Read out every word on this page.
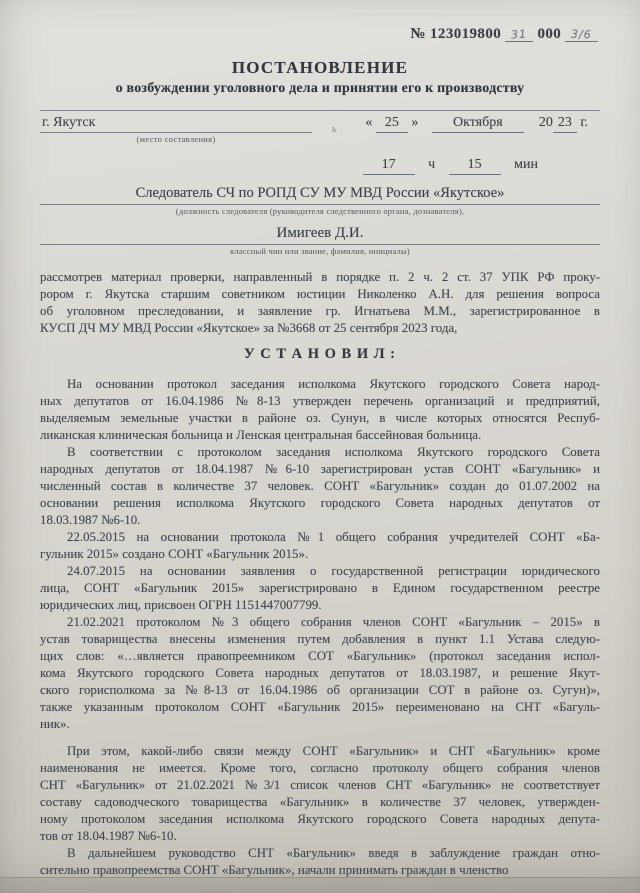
№ 123019800 31 000 3/6
ПОСТАНОВЛЕНИЕ
о возбуждении уголовного дела и принятии его к производству
г. Якутск
(место составления)
ь « 25 » Октября	20 23 г.
17 ч 15 мин
Следователь СЧ по РОПД СУ МУ МВД России «Якутское»
(должность следователя (руководителя следственного органа, дознавателя),
Имигеев Д.И.
классный чин или звание, фамилия, инициалы)
рассмотрев материал проверки, направленный в порядке п. 2 ч. 2 ст. 37 УПК РФ проку-
рором г. Якутска старшим советником юстиции Николенко А.Н. для решения вопроса
об уголовном преследовании, и заявление гр. Игнатьева М.М., зарегистрированное в
КУСП ДЧ МУ МВД России «Якутское» за №3668 от 25 сентября 2023 года,
У С Т А Н О В И Л :
На основании протокол заседания исполкома Якутского городского Совета народ-
ных депутатов от 16.04.1986 №8-13 утвержден перечень организаций и предприятий,
выделяемым земельные участки в районе оз. Сунун, в числе которых относятся Респуб-
ликанская клиническая больница и Ленская центральная бассейновая больница.
В соответствии с протоколом заседания исполкома Якутского городского Совета
народных депутатов от 18.04.1987 №6-10 зарегистрирован устав СОНТ «Багульник» и
численный состав в количестве 37 человек. СОНТ «Багульник» создан до 01.07.2002 на
основании решения исполкома Якутского городского Совета народных депутатов от
18.03.1987 №6-10.
22.05.2015 на основании протокола №1 общего собрания учредителей СОНТ «Ба-
гульник 2015» создано СОНТ «Багульник 2015».
24.07.2015 на основании заявления о государственной регистрации юридического
лица, СОНТ «Багульник 2015» зарегистрировано в Едином государственном реестре
юридических лиц, присвоен ОГРН 1151447007799.
21.02.2021 протоколом №3 общего собрания членов СОНТ «Багульник – 2015» в
устав товарищества внесены изменения путем добавления в пункт 1.1 Устава следую-
щих слов: «…является правопреемником СОТ «Багульник» (протокол заседания испол-
кома Якутского городского Совета народных депутатов от 18.03.1987, и решение Якут-
ского горисполкома за №8-13 от 16.04.1986 об организации СОТ в районе оз. Сугун)»,
также указанным протоколом СОНТ «Багульник 2015» переименовано на СНТ «Багуль-
ник».
При этом, какой-либо связи между СОНТ «Багульник» и СНТ «Багульник» кроме
наименования не имеется. Кроме того, согласно протоколу общего собрания членов
СНТ «Багульник» от 21.02.2021 №3/1 список членов СНТ «Багульник» не соответствует
составу садоводческого товарищества «Багульник» в количестве 37 человек, утвержден-
ному протоколом заседания исполкома Якутского городского Совета народных депута-
тов от 18.04.1987 №6-10.
В дальнейшем руководство СНТ «Багульник» введя в заблуждение граждан отно-
сительно правопреемства СОНТ «Багульник», начали принимать граждан в членство
